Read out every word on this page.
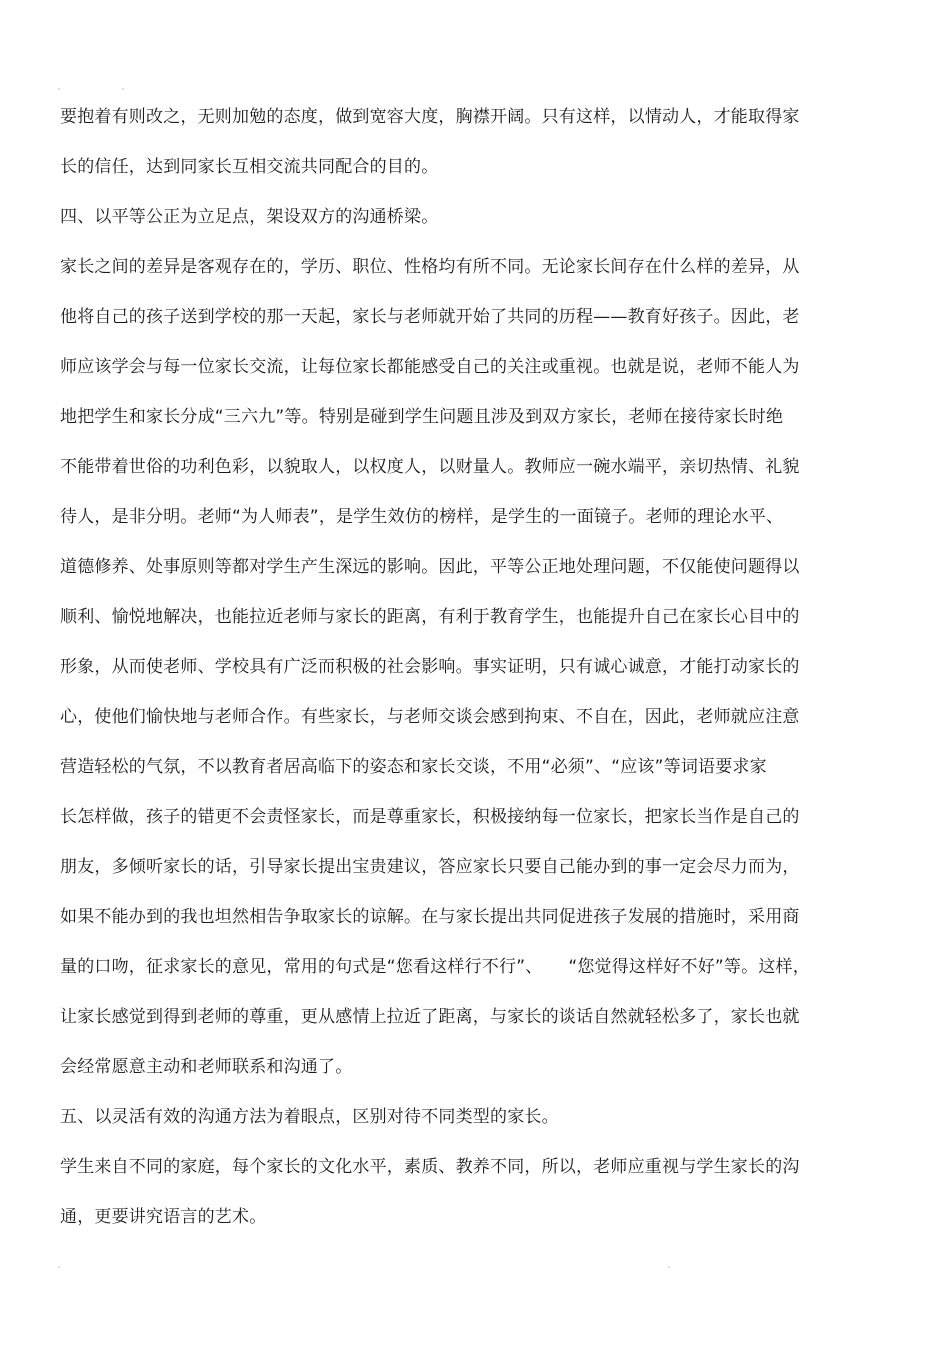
要抱着有则改之，无则加勉的态度，做到宽容大度，胸襟开阔。只有这样，以情动人，才能取得家

长的信任，达到同家长互相交流共同配合的目的。

四、以平等公正为立足点，架设双方的沟通桥梁。

家长之间的差异是客观存在的，学历、职位、性格均有所不同。无论家长间存在什么样的差异，从

他将自己的孩子送到学校的那一天起，家长与老师就开始了共同的历程——教育好孩子。因此，老

师应该学会与每一位家长交流，让每位家长都能感受自己的关注或重视。也就是说，老师不能人为

地把学生和家长分成“三六九”等。特别是碰到学生问题且涉及到双方家长，老师在接待家长时绝

不能带着世俗的功利色彩，以貌取人，以权度人，以财量人。教师应一碗水端平，亲切热情、礼貌

待人，是非分明。老师“为人师表”，是学生效仿的榜样，是学生的一面镜子。老师的理论水平、

道德修养、处事原则等都对学生产生深远的影响。因此，平等公正地处理问题，不仅能使问题得以

顺利、愉悦地解决，也能拉近老师与家长的距离，有利于教育学生，也能提升自己在家长心目中的

形象，从而使老师、学校具有广泛而积极的社会影响。事实证明，只有诚心诚意，才能打动家长的

心，使他们愉快地与老师合作。有些家长，与老师交谈会感到拘束、不自在，因此，老师就应注意

营造轻松的气氛，不以教育者居高临下的姿态和家长交谈，不用“必须”、“应该”等词语要求家

长怎样做，孩子的错更不会责怪家长，而是尊重家长，积极接纳每一位家长，把家长当作是自己的

朋友，多倾听家长的话，引导家长提出宝贵建议，答应家长只要自己能办到的事一定会尽力而为，

如果不能办到的我也坦然相告争取家长的谅解。在与家长提出共同促进孩子发展的措施时，采用商

量的口吻，征求家长的意见，常用的句式是“您看这样行不行”、　　“您觉得这样好不好”等。这样，

让家长感觉到得到老师的尊重，更从感情上拉近了距离，与家长的谈话自然就轻松多了，家长也就

会经常愿意主动和老师联系和沟通了。

五、以灵活有效的沟通方法为着眼点，区别对待不同类型的家长。

学生来自不同的家庭，每个家长的文化水平，素质、教养不同，所以，老师应重视与学生家长的沟

通，更要讲究语言的艺术。
